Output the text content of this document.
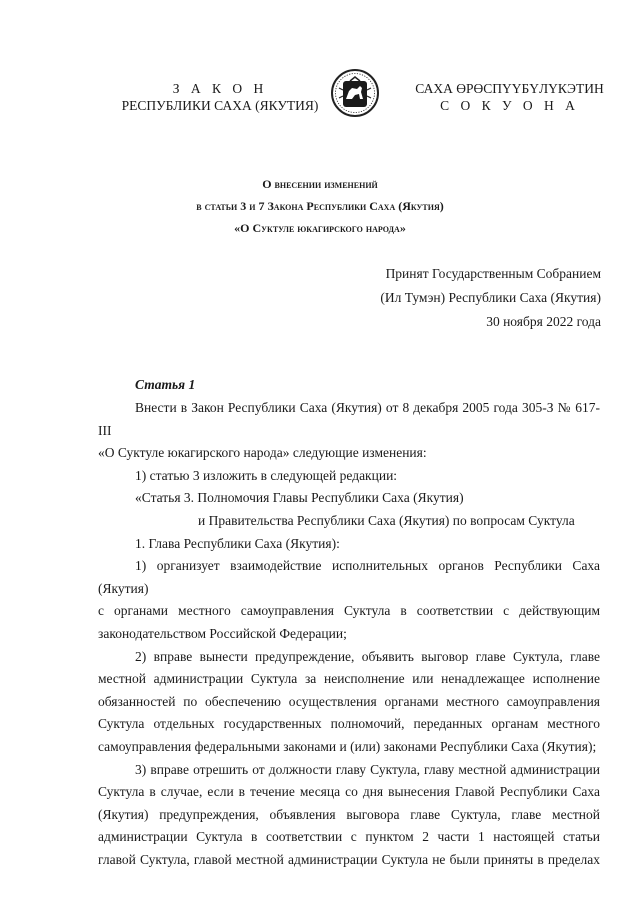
З А К О Н
РЕСПУБЛИКИ САХА (ЯКУТИЯ)
САХА ӨРӨСПҮҮБҮЛҮКЭТИН
С О К У О Н А
О внесении изменений
в статьи 3 и 7 Закона Республики Саха (Якутия)
«О Суктуле юкагирского народа»
Принят Государственным Собранием
(Ил Тумэн) Республики Саха (Якутия)
30 ноября 2022 года
Статья 1
Внести в Закон Республики Саха (Якутия) от 8 декабря 2005 года 305-З № 617-III
«О Суктуле юкагирского народа» следующие изменения:
1) статью 3 изложить в следующей редакции:
«Статья 3. Полномочия Главы Республики Саха (Якутия)
и Правительства Республики Саха (Якутия) по вопросам Суктула
1. Глава Республики Саха (Якутия):
1) организует взаимодействие исполнительных органов Республики Саха (Якутия)
с органами местного самоуправления Суктула в соответствии с действующим
законодательством Российской Федерации;
2) вправе вынести предупреждение, объявить выговор главе Суктула, главе
местной администрации Суктула за неисполнение или ненадлежащее исполнение
обязанностей по обеспечению осуществления органами местного самоуправления
Суктула отдельных государственных полномочий, переданных органам местного
самоуправления федеральными законами и (или) законами Республики Саха (Якутия);
3) вправе отрешить от должности главу Суктула, главу местной администрации
Суктула в случае, если в течение месяца со дня вынесения Главой Республики Саха
(Якутия) предупреждения, объявления выговора главе Суктула, главе местной
администрации Суктула в соответствии с пунктом 2 части 1 настоящей статьи
главой Суктула, главой местной администрации Суктула не были приняты в пределах
